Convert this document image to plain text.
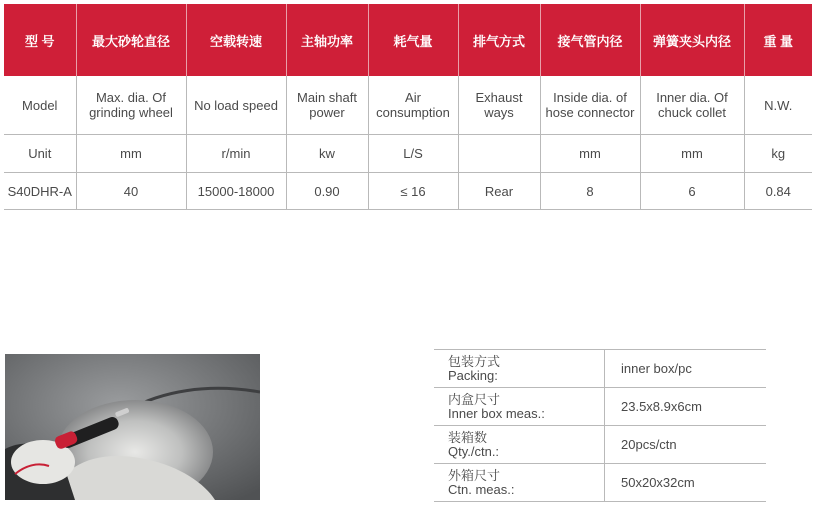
型 号	最大砂轮直径	空载转速	主轴功率	耗气量	排气方式	接气管内径	弹簧夹头内径	重 量
Model	Max. dia. Of grinding wheel	No load speed	Main shaft power	Air consumption	Exhaust ways	Inside dia. of hose connector	Inner dia. Of chuck collet	N.W.
Unit	mm	r/min	kw	L/S		mm	mm	kg
S40DHR-A	40	15000-18000	0.90	≤ 16	Rear	8	6	0.84
包装方式
Packing:	inner box/pc
内盒尺寸
Inner box meas.:	23.5x8.9x6cm
装箱数
Qty./ctn.:	20pcs/ctn
外箱尺寸
Ctn. meas.:	50x20x32cm
